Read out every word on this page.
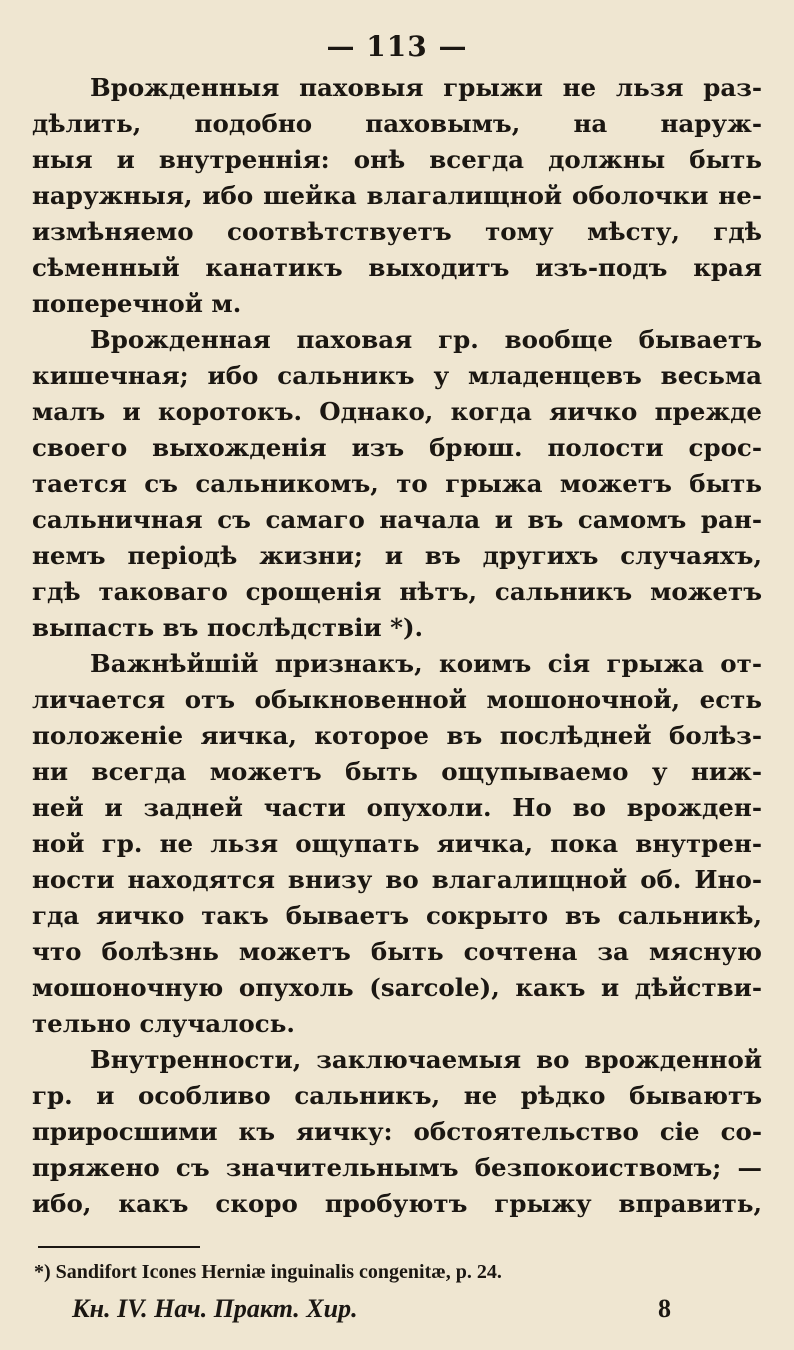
— 113 —
Врожденныя паховыя грыжи не льзя раз-
дѣлить, подобно паховымъ, на наруж-
ныя и внутреннія: онѣ всегда должны быть
наружныя, ибо шейка влагалищной оболочки не-
измѣняемо соотвѣтствуетъ тому мѣсту, гдѣ
сѣменный канатикъ выходитъ изъ-подъ края
поперечной м.
Врожденная паховая гр. вообще бываетъ
кишечная; ибо сальникъ у младенцевъ весьма
малъ и коротокъ. Однако, когда яичко прежде
своего выхожденія изъ брюш. полости срос-
тается съ сальникомъ, то грыжа можетъ быть
сальничная съ самаго начала и въ самомъ ран-
немъ періодѣ жизни; и въ другихъ случаяхъ,
гдѣ таковаго срощенія нѣтъ, сальникъ можетъ
выпасть въ послѣдствіи *).
Важнѣйшій признакъ, коимъ сія грыжа от-
личается отъ обыкновенной мошоночной, есть
положеніе яичка, которое въ послѣдней болѣз-
ни всегда можетъ быть ощупываемо у ниж-
ней и задней части опухоли. Но во врожден-
ной гр. не льзя ощупать яичка, пока внутрен-
ности находятся внизу во влагалищной об. Ино-
гда яичко такъ бываетъ сокрыто въ сальникѣ,
что болѣзнь можетъ быть сочтена за мясную
мошоночную опухоль (sarcole), какъ и дѣйстви-
тельно случалось.
Внутренности, заключаемыя во врожденной
гр. и особливо сальникъ, не рѣдко бываютъ
приросшими къ яичку: обстоятельство сіе со-
пряжено съ значительнымъ безпокоиствомъ; —
ибо, какъ скоро пробуютъ грыжу вправить,
*) Sandifort Icones Herniæ inguinalis congenitæ, p. 24.
Кн. IV. Нач. Практ. Хир.	8
